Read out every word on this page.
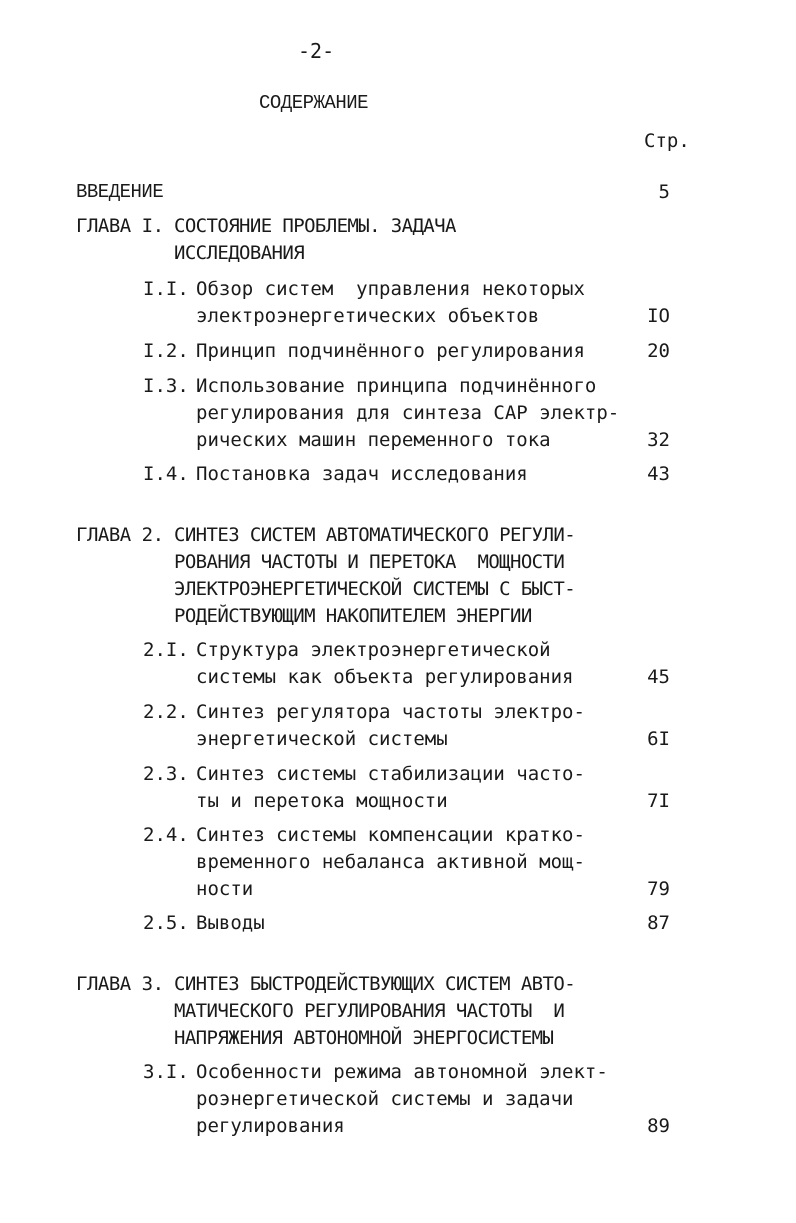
-2-
СОДЕРЖАНИЕ
Стр.
ВВЕДЕНИЕ	5
ГЛАВА I. СОСТОЯНИЕ ПРОБЛЕМЫ. ЗАДАЧА
ИССЛЕДОВАНИЯ
I.I. Обзор систем  управления некоторых
электроэнергетических объектов	IO
I.2. Принцип подчинённого регулирования	20
I.3. Использование принципа подчинённого
регулирования для синтеза САР электр-
рических машин переменного тока	32
I.4. Постановка задач исследования	43
ГЛАВА 2. СИНТЕЗ СИСТЕМ АВТОМАТИЧЕСКОГО РЕГУЛИ-
РОВАНИЯ ЧАСТОТЫ И ПЕРЕТОКА  МОЩНОСТИ
ЭЛЕКТРОЭНЕРГЕТИЧЕСКОЙ СИСТЕМЫ С БЫСТ-
РОДЕЙСТВУЮЩИМ НАКОПИТЕЛЕМ ЭНЕРГИИ
2.I. Структура электроэнергетической
системы как объекта регулирования	45
2.2. Синтез регулятора частоты электро-
энергетической системы	6I
2.3. Синтез системы стабилизации часто-
ты и перетока мощности	7I
2.4. Синтез системы компенсации кратко-
временного небаланса активной мощ-
ности	79
2.5. Выводы	87
ГЛАВА 3. СИНТЕЗ БЫСТРОДЕЙСТВУЮЩИХ СИСТЕМ АВТО-
МАТИЧЕСКОГО РЕГУЛИРОВАНИЯ ЧАСТОТЫ  И
НАПРЯЖЕНИЯ АВТОНОМНОЙ ЭНЕРГОСИСТЕМЫ
3.I. Особенности режима автономной элект-
роэнергетической системы и задачи
регулирования	89
